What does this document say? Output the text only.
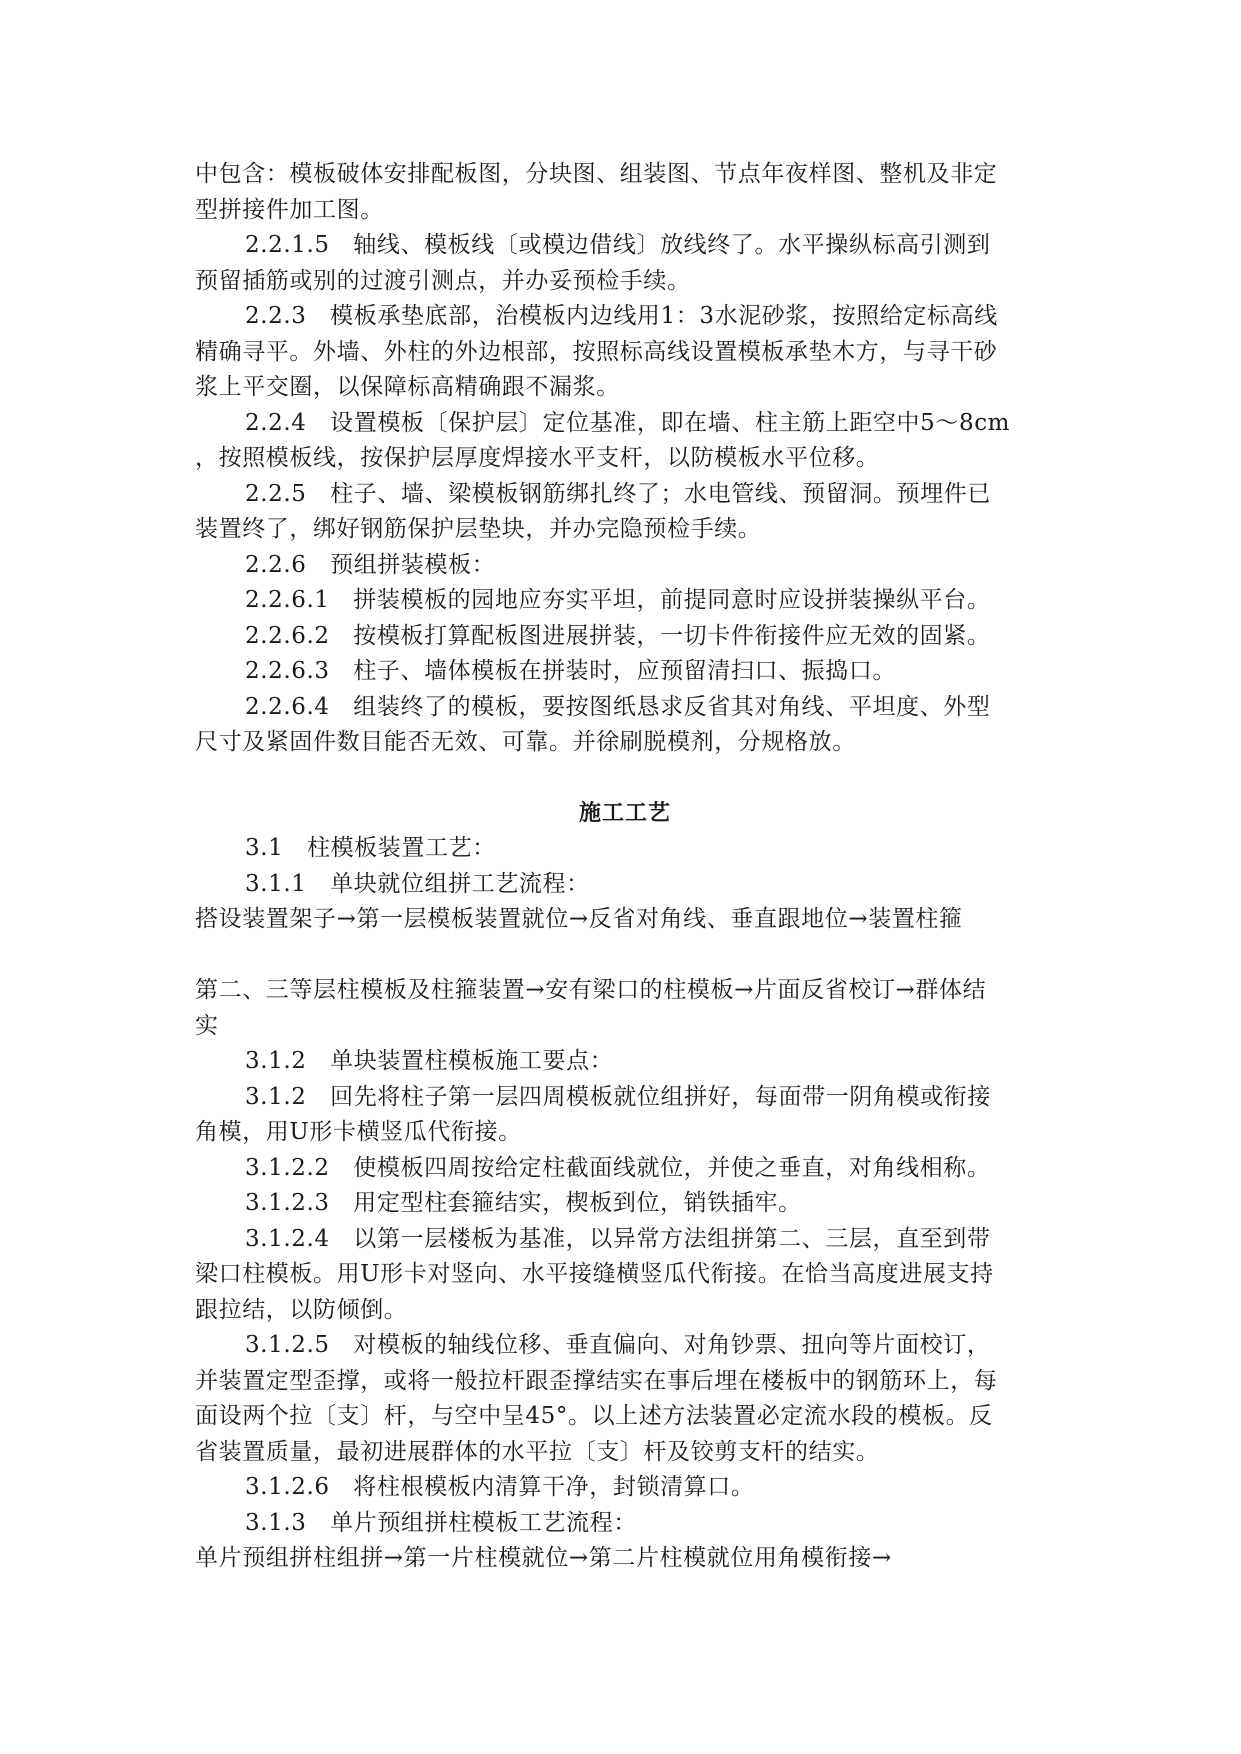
中包含：模板破体安排配板图，分块图、组装图、节点年夜样图、整机及非定
型拼接件加工图。
2.2.1.5　轴线、模板线〔或模边借线〕放线终了。水平操纵标高引测到
预留插筋或别的过渡引测点，并办妥预检手续。
2.2.3　模板承垫底部，治模板内边线用1：3水泥砂浆，按照给定标高线
精确寻平。外墙、外柱的外边根部，按照标高线设置模板承垫木方，与寻干砂
浆上平交圈，以保障标高精确跟不漏浆。
2.2.4　设置模板〔保护层〕定位基准，即在墙、柱主筋上距空中5～8cm
，按照模板线，按保护层厚度焊接水平支杆，以防模板水平位移。
2.2.5　柱子、墙、梁模板钢筋绑扎终了；水电管线、预留洞。预埋件已
装置终了，绑好钢筋保护层垫块，并办完隐预检手续。
2.2.6　预组拼装模板：
2.2.6.1　拼装模板的园地应夯实平坦，前提同意时应设拼装操纵平台。
2.2.6.2　按模板打算配板图进展拼装，一切卡件衔接件应无效的固紧。
2.2.6.3　柱子、墙体模板在拼装时，应预留清扫口、振捣口。
2.2.6.4　组装终了的模板，要按图纸恳求反省其对角线、平坦度、外型
尺寸及紧固件数目能否无效、可靠。并徐刷脱模剂，分规格放。
施工工艺
3.1　柱模板装置工艺：
3.1.1　单块就位组拼工艺流程：
搭设装置架子→第一层模板装置就位→反省对角线、垂直跟地位→装置柱箍
第二、三等层柱模板及柱箍装置→安有梁口的柱模板→片面反省校订→群体结
实
3.1.2　单块装置柱模板施工要点：
3.1.2　回先将柱子第一层四周模板就位组拼好，每面带一阴角模或衔接
角模，用U形卡横竖瓜代衔接。
3.1.2.2　使模板四周按给定柱截面线就位，并使之垂直，对角线相称。
3.1.2.3　用定型柱套箍结实，楔板到位，销铁插牢。
3.1.2.4　以第一层楼板为基准，以异常方法组拼第二、三层，直至到带
梁口柱模板。用U形卡对竖向、水平接缝横竖瓜代衔接。在恰当高度进展支持
跟拉结，以防倾倒。
3.1.2.5　对模板的轴线位移、垂直偏向、对角钞票、扭向等片面校订，
并装置定型歪撑，或将一般拉杆跟歪撑结实在事后埋在楼板中的钢筋环上，每
面设两个拉〔支〕杆，与空中呈45°。以上述方法装置必定流水段的模板。反
省装置质量，最初进展群体的水平拉〔支〕杆及铰剪支杆的结实。
3.1.2.6　将柱根模板内清算干净，封锁清算口。
3.1.3　单片预组拼柱模板工艺流程：
单片预组拼柱组拼→第一片柱模就位→第二片柱模就位用角模衔接→
